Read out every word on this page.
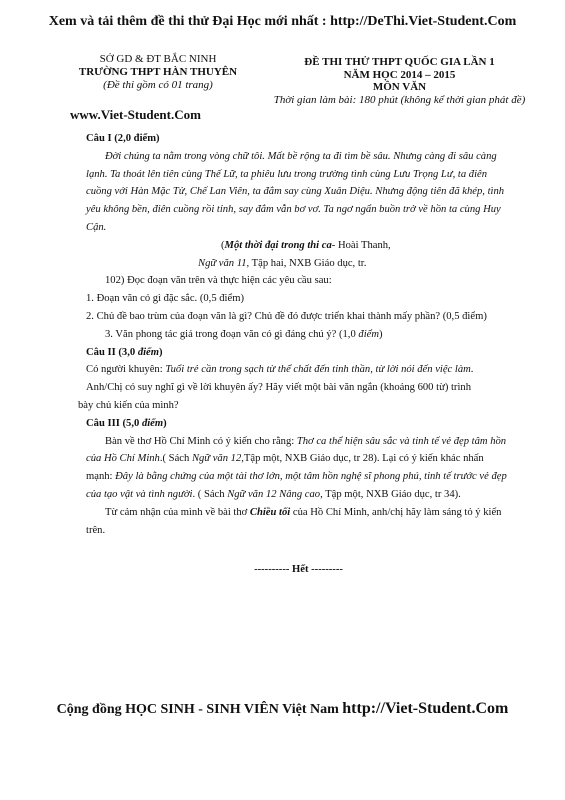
Xem và tải thêm đề thi thử Đại Học mới nhất : http://DeThi.Viet-Student.Com
SỞ GD & ĐT BẮC NINH
TRƯỜNG THPT HÀN THUYÊN
(Đề thi gồm có 01 trang)
ĐỀ THI THỬ THPT QUỐC GIA LẦN 1
NĂM HỌC 2014 – 2015
MÔN VĂN
Thời gian làm bài: 180 phút (không kể thời gian phát đề)
www.Viet-Student.Com

Câu I (2,0 điểm)

Đời chúng ta nằm trong vòng chữ tôi. Mất bề rộng ta đi tìm bề sâu. Nhưng càng đi sâu càng lạnh. Ta thoát lên tiên cùng Thế Lữ, ta phiêu lưu trong trường tình cùng Lưu Trọng Lư, ta điên cuồng với Hàn Mặc Tử, Chế Lan Viên, ta đắm say cùng Xuân Diệu. Nhưng động tiên đã khép, tình yêu không bền, điên cuồng rồi tỉnh, say đắm vẫn bơ vơ. Ta ngơ ngẩn buồn trở về hồn ta cùng Huy Cận.

(Một thời đại trong thi ca- Hoài Thanh,

Ngữ văn 11, Tập hai, NXB Giáo dục, tr.

102) Đọc đoạn văn trên và thực hiện các yêu cầu sau:

1. Đoạn văn có gì đặc sắc. (0,5 điểm)

2. Chủ đề bao trùm của đoạn văn là gì? Chủ đề đó được triển khai thành mấy phần? (0,5 điểm)

3. Văn phong tác giả trong đoạn văn có gì đáng chú ý? (1,0 điểm)

Câu II (3,0 điểm)

Có người khuyên: Tuổi trẻ cần trong sạch từ thể chất đến tinh thần, từ lời nói đến việc làm. Anh/Chị có suy nghĩ gì về lời khuyên ấy? Hãy viết một bài văn ngắn (khoảng 600 từ) trình

bày chủ kiến của mình?

Câu III (5,0 điểm)

Bàn về thơ Hồ Chí Minh có ý kiến cho rằng: Thơ ca thể hiện sâu sắc và tinh tế vẻ đẹp tâm hồn của Hồ Chí Minh.( Sách Ngữ văn 12,Tập một, NXB Giáo dục, tr 28). Lại có ý kiến khác nhấn mạnh: Đây là bằng chứng của một tài thơ lớn, một tâm hồn nghệ sĩ phong phú, tinh tế trước vẻ đẹp của tạo vật và tình người. ( Sách Ngữ văn 12 Nâng cao, Tập một, NXB Giáo dục, tr 34).

Từ cảm nhận của mình về bài thơ Chiều tối của Hồ Chí Minh, anh/chị hãy làm sáng tỏ ý kiến trên.

---------- Hết ---------

Cộng đồng HỌC SINH - SINH VIÊN Việt Nam http://Viet-Student.Com
